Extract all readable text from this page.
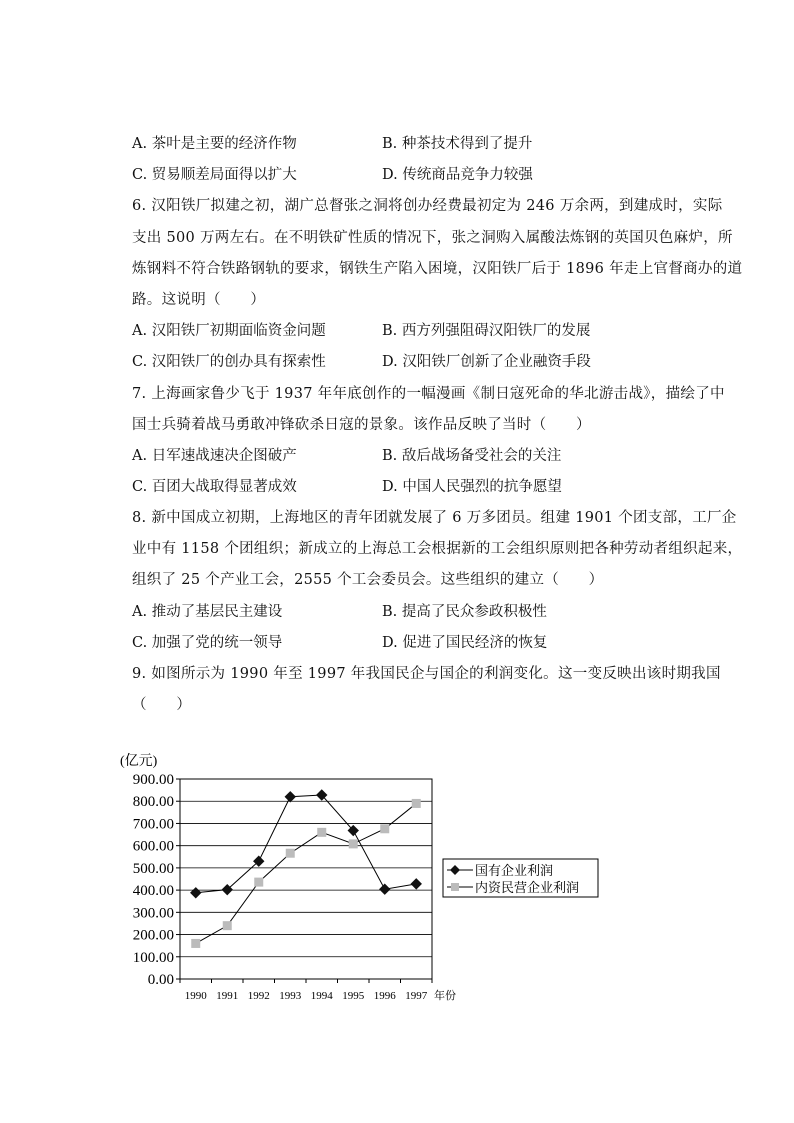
A. 茶叶是主要的经济作物	B. 种茶技术得到了提升
C. 贸易顺差局面得以扩大	D. 传统商品竞争力较强
6. 汉阳铁厂拟建之初，湖广总督张之洞将创办经费最初定为 246 万余两，到建成时，实际
支出 500 万两左右。在不明铁矿性质的情况下，张之洞购入属酸法炼钢的英国贝色麻炉，所
炼钢料不符合铁路钢轨的要求，钢铁生产陷入困境，汉阳铁厂后于 1896 年走上官督商办的道
路。这说明（　　）
A. 汉阳铁厂初期面临资金问题	B. 西方列强阻碍汉阳铁厂的发展
C. 汉阳铁厂的创办具有探索性	D. 汉阳铁厂创新了企业融资手段
7. 上海画家鲁少飞于 1937 年年底创作的一幅漫画《制日寇死命的华北游击战》，描绘了中
国士兵骑着战马勇敢冲锋砍杀日寇的景象。该作品反映了当时（　　）
A. 日军速战速决企图破产	B. 敌后战场备受社会的关注
C. 百团大战取得显著成效	D. 中国人民强烈的抗争愿望
8. 新中国成立初期，上海地区的青年团就发展了 6 万多团员。组建 1901 个团支部，工厂企
业中有 1158 个团组织；新成立的上海总工会根据新的工会组织原则把各种劳动者组织起来，
组织了 25 个产业工会，2555 个工会委员会。这些组织的建立（　　）
A. 推动了基层民主建设	B. 提高了民众参政积极性
C. 加强了党的统一领导	D. 促进了国民经济的恢复
9. 如图所示为 1990 年至 1997 年我国民企与国企的利润变化。这一变反映出该时期我国
（　　）
0.00
100.00
200.00
300.00
400.00
500.00
600.00
700.00
800.00
900.00
(亿元)
1990 1991 1992 1993 1994 1995 1996 1997 年份
国有企业利润
内资民营企业利润
